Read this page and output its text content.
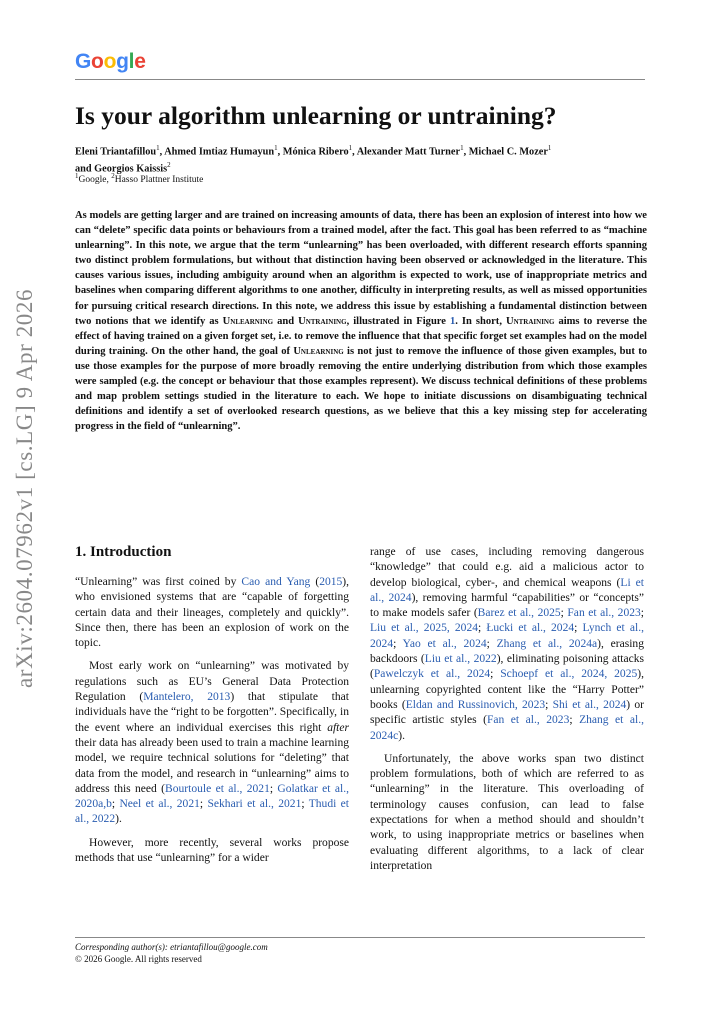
Google
arXiv:2604.07962v1 [cs.LG] 9 Apr 2026
Is your algorithm unlearning or untraining?
Eleni Triantafillou$^1$, Ahmed Imtiaz Humayun$^1$, Mónica Ribero$^1$, Alexander Matt Turner$^1$, Michael C. Mozer$^1$
and Georgios Kaissis$^2$
$^1$Google, $^2$Hasso Plattner Institute
As models are getting larger and are trained on increasing amounts of data, there has been an explosion of interest into how we can “delete” specific data points or behaviours from a trained model, after the fact. This goal has been referred to as “machine unlearning”. In this note, we argue that the term “unlearning” has been overloaded, with different research efforts spanning two distinct problem formulations, but without that distinction having been observed or acknowledged in the literature. This causes various issues, including ambiguity around when an algorithm is expected to work, use of inappropriate metrics and baselines when comparing different algorithms to one another, difficulty in interpreting results, as well as missed opportunities for pursuing critical research directions. In this note, we address this issue by establishing a fundamental distinction between two notions that we identify as Unlearning and Untraining, illustrated in Figure 1. In short, Untraining aims to reverse the effect of having trained on a given forget set, i.e. to remove the influence that that specific forget set examples had on the model during training. On the other hand, the goal of Unlearning is not just to remove the influence of those given examples, but to use those examples for the purpose of more broadly removing the entire underlying distribution from which those examples were sampled (e.g. the concept or behaviour that those examples represent). We discuss technical definitions of these problems and map problem settings studied in the literature to each. We hope to initiate discussions on disambiguating technical definitions and identify a set of overlooked research questions, as we believe that this a key missing step for accelerating progress in the field of “unlearning”.
1. Introduction

“Unlearning” was first coined by Cao and Yang (2015), who envisioned systems that are “capable of forgetting certain data and their lineages, completely and quickly”. Since then, there has been an explosion of work on the topic.

Most early work on “unlearning” was motivated by regulations such as EU’s General Data Protection Regulation (Mantelero, 2013) that stipulate that individuals have the “right to be forgotten”. Specifically, in the event where an individual exercises this right after their data has already been used to train a machine learning model, we require technical solutions for “deleting” that data from the model, and research in “unlearning” aims to address this need (Bourtoule et al., 2021; Golatkar et al., 2020a,b; Neel et al., 2021; Sekhari et al., 2021; Thudi et al., 2022).

However, more recently, several works propose methods that use “unlearning” for a wider

range of use cases, including removing dangerous “knowledge” that could e.g. aid a malicious actor to develop biological, cyber-, and chemical weapons (Li et al., 2024), removing harmful “capabilities” or “concepts” to make models safer (Barez et al., 2025; Fan et al., 2023; Liu et al., 2025, 2024; Łucki et al., 2024; Lynch et al., 2024; Yao et al., 2024; Zhang et al., 2024a), erasing backdoors (Liu et al., 2022), eliminating poisoning attacks (Pawelczyk et al., 2024; Schoepf et al., 2024, 2025), unlearning copyrighted content like the “Harry Potter” books (Eldan and Russinovich, 2023; Shi et al., 2024) or specific artistic styles (Fan et al., 2023; Zhang et al., 2024c).

Unfortunately, the above works span two distinct problem formulations, both of which are referred to as “unlearning” in the literature. This overloading of terminology causes confusion, can lead to false expectations for when a method should and shouldn’t work, to using inappropriate metrics or baselines when evaluating different algorithms, to a lack of clear interpretation

Corresponding author(s): etriantafillou@google.com
© 2026 Google. All rights reserved
